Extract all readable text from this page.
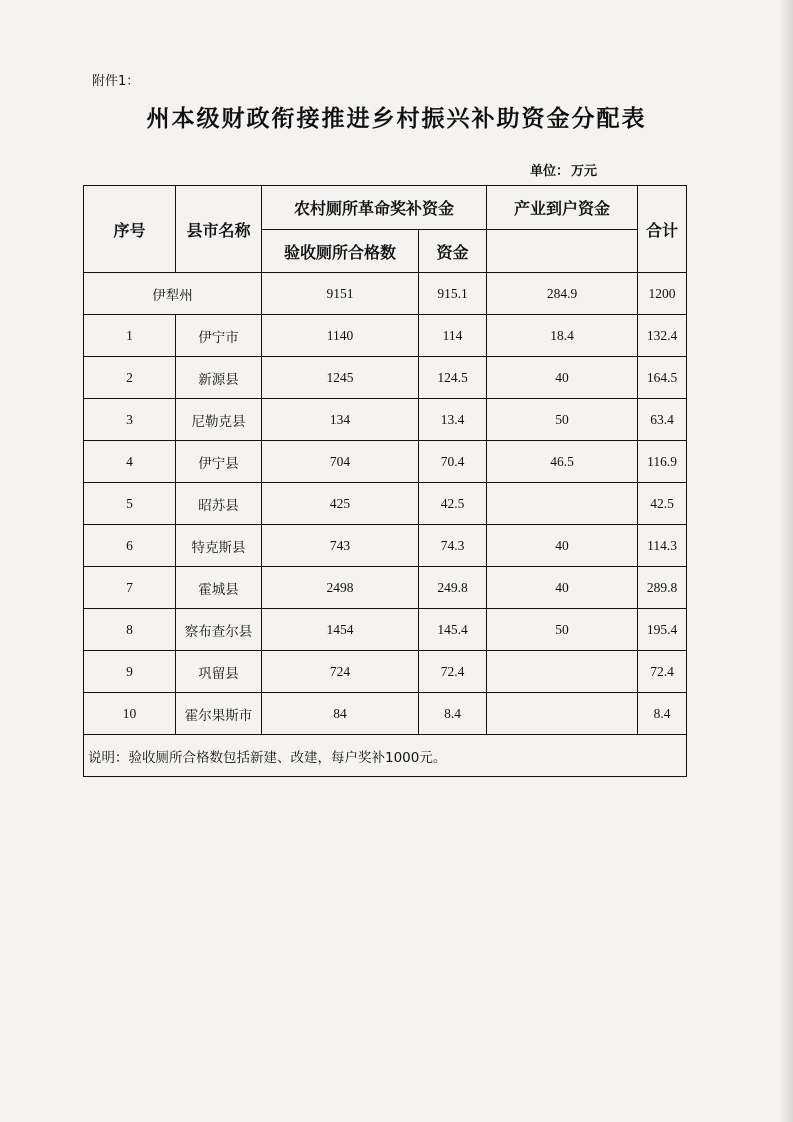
附件1：
州本级财政衔接推进乡村振兴补助资金分配表
单位： 万元
序号	县市名称	农村厕所革命奖补资金		产业到户资金	合计
		验收厕所合格数	资金		
伊犁州		9151	915.1	284.9	1200
1	伊宁市	1140	114	18.4	132.4
2	新源县	1245	124.5	40	164.5
3	尼勒克县	134	13.4	50	63.4
4	伊宁县	704	70.4	46.5	116.9
5	昭苏县	425	42.5		42.5
6	特克斯县	743	74.3	40	114.3
7	霍城县	2498	249.8	40	289.8
8	察布查尔县	1454	145.4	50	195.4
9	巩留县	724	72.4		72.4
10	霍尔果斯市	84	8.4		8.4
说明：验收厕所合格数包括新建、改建，每户奖补1000元。					
